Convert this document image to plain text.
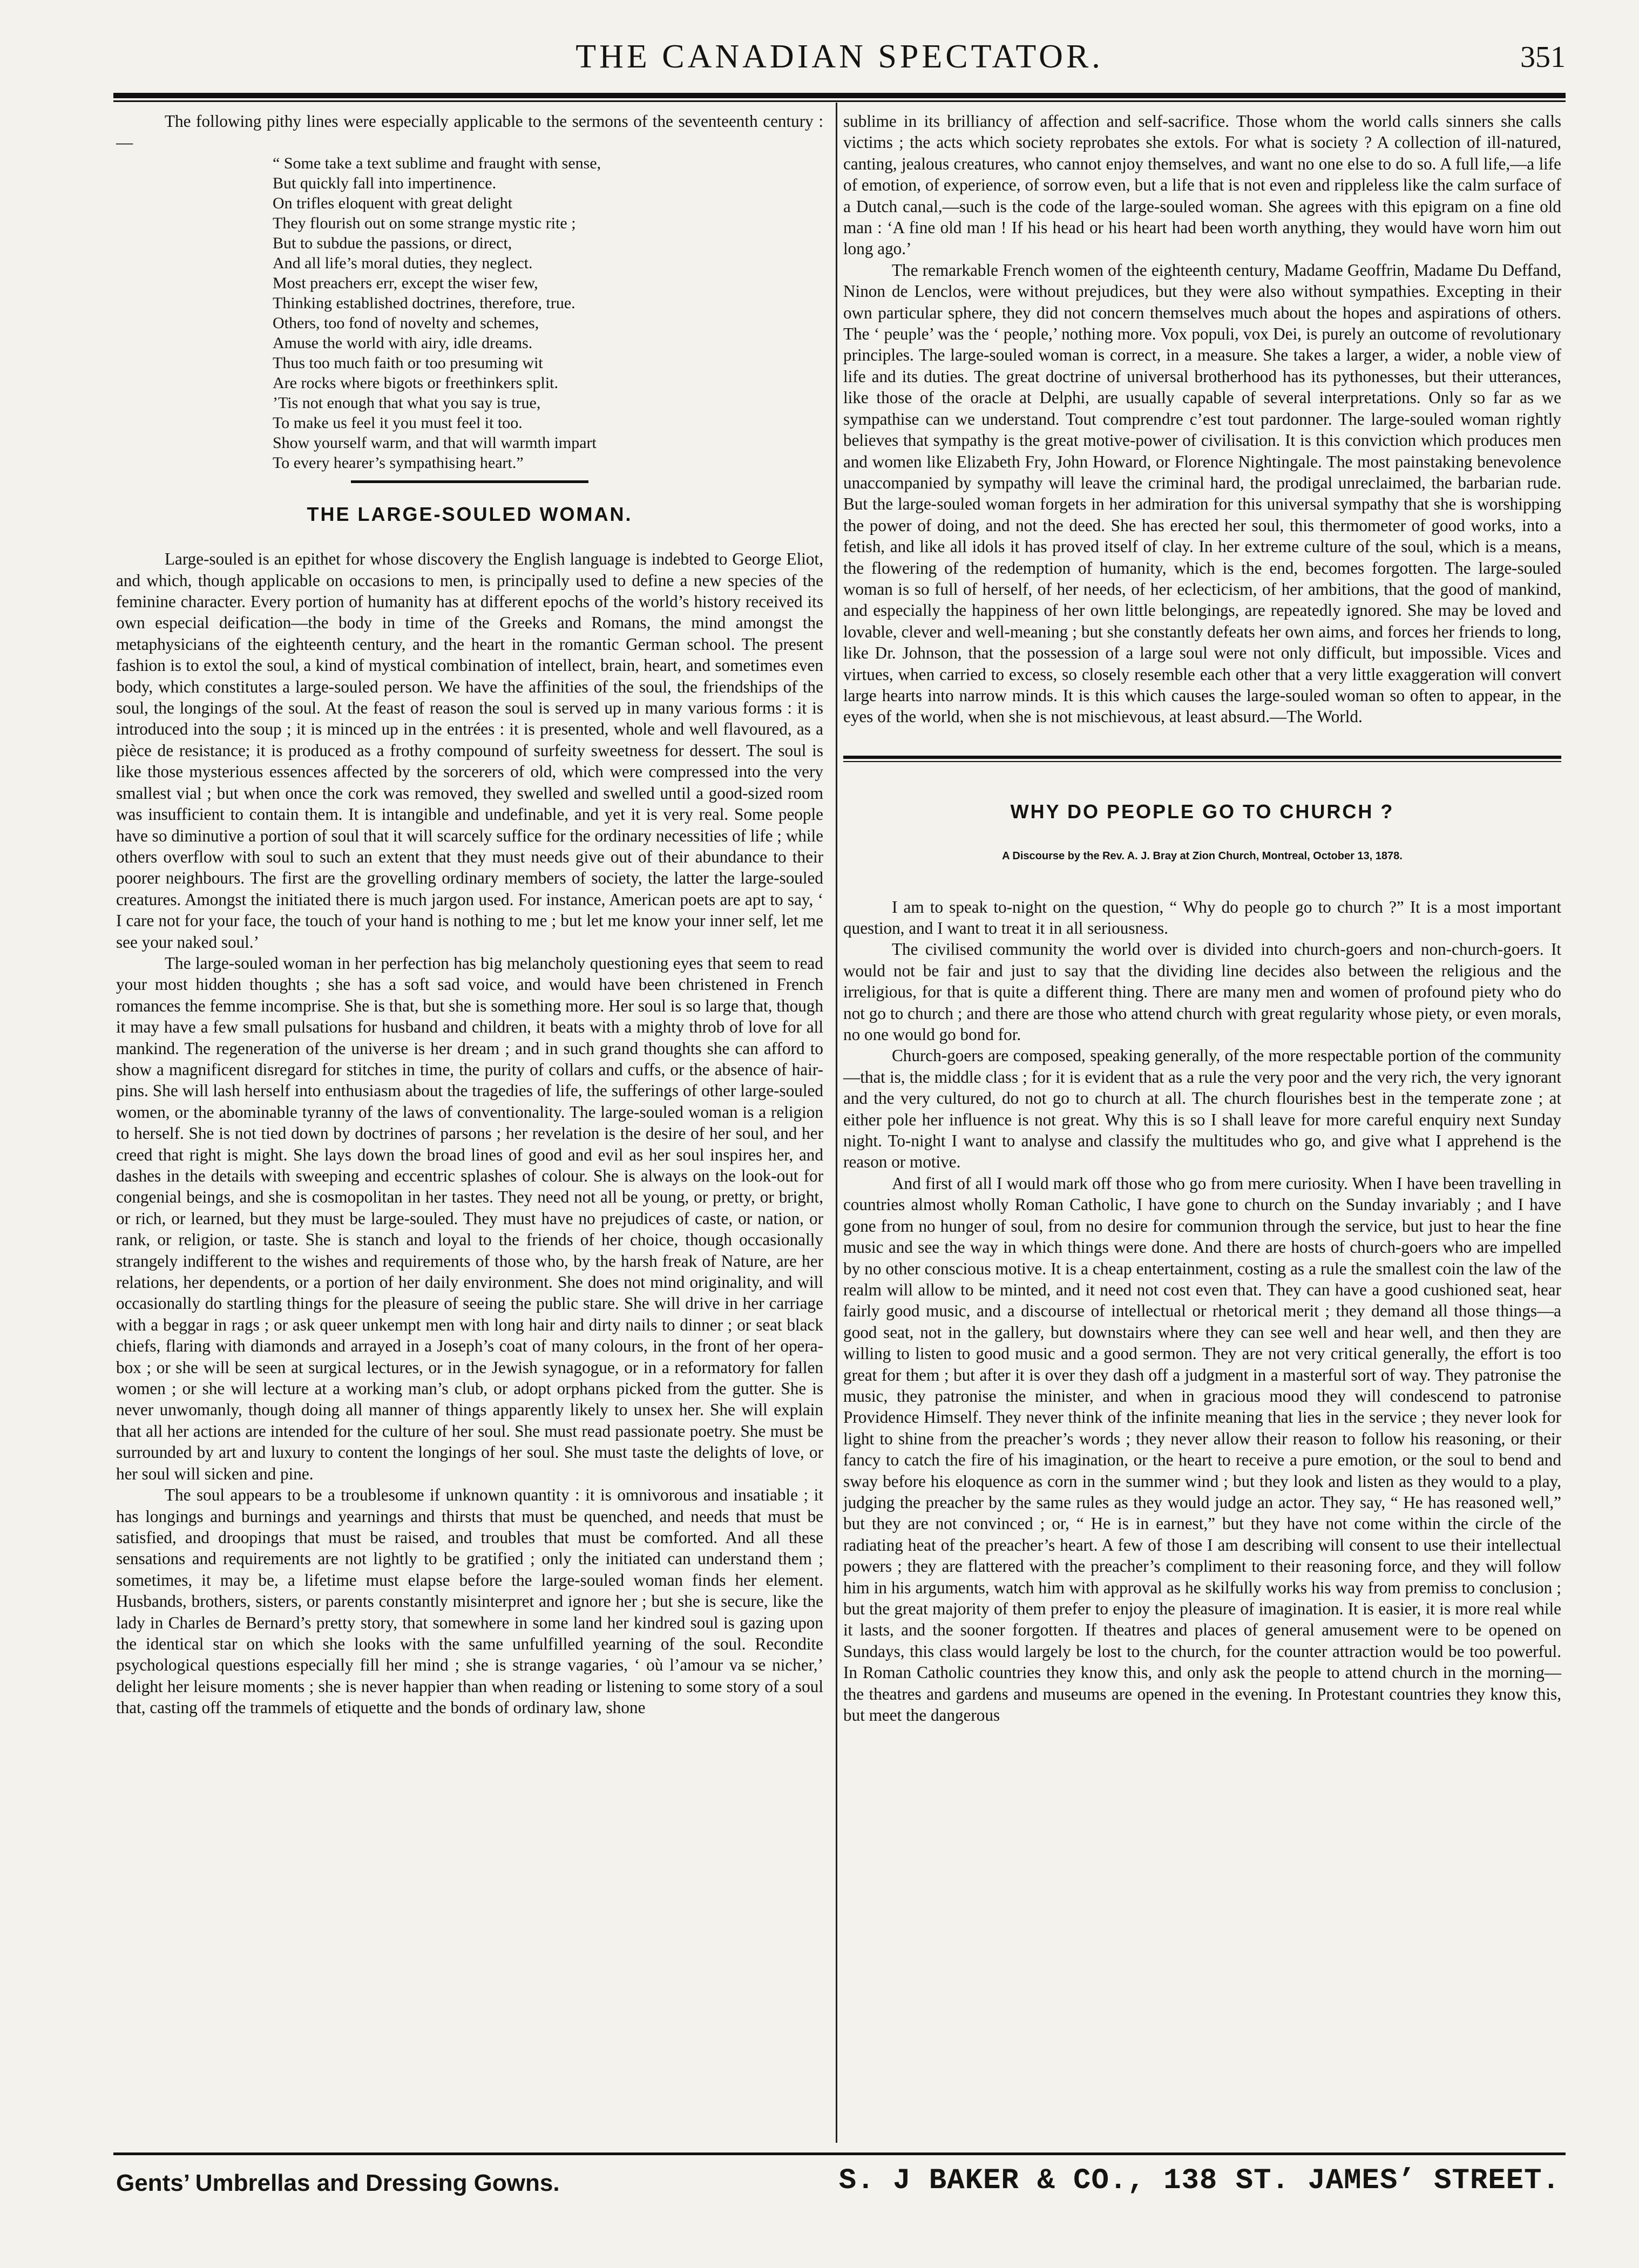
THE CANADIAN SPECTATOR.	351

The following pithy lines were especially applicable to the sermons of the seventeenth century :—

“ Some take a text sublime and fraught with sense,
But quickly fall into impertinence.
On trifles eloquent with great delight
They flourish out on some strange mystic rite ;
But to subdue the passions, or direct,
And all life’s moral duties, they neglect.
Most preachers err, except the wiser few,
Thinking established doctrines, therefore, true.
Others, too fond of novelty and schemes,
Amuse the world with airy, idle dreams.
Thus too much faith or too presuming wit
Are rocks where bigots or freethinkers split.
’Tis not enough that what you say is true,
To make us feel it you must feel it too.
Show yourself warm, and that will warmth impart
To every hearer’s sympathising heart.”
THE LARGE-SOULED WOMAN.

Large-souled is an epithet for whose discovery the English language is indebted to George Eliot, and which, though applicable on occasions to men, is principally used to define a new species of the feminine character. Every portion of humanity has at different epochs of the world’s history received its own especial deification—the body in time of the Greeks and Romans, the mind amongst the metaphysicians of the eighteenth century, and the heart in the romantic German school. The present fashion is to extol the soul, a kind of mystical combination of intellect, brain, heart, and sometimes even body, which constitutes a large-souled person. We have the affinities of the soul, the friendships of the soul, the longings of the soul. At the feast of reason the soul is served up in many various forms : it is introduced into the soup ; it is minced up in the entrées : it is presented, whole and well flavoured, as a pièce de resistance; it is produced as a frothy compound of surfeity sweetness for dessert. The soul is like those mysterious essences affected by the sorcerers of old, which were compressed into the very smallest vial ; but when once the cork was removed, they swelled and swelled until a good-sized room was insufficient to contain them. It is intangible and undefinable, and yet it is very real. Some people have so diminutive a portion of soul that it will scarcely suffice for the ordinary necessities of life ; while others overflow with soul to such an extent that they must needs give out of their abundance to their poorer neighbours. The first are the grovelling ordinary members of society, the latter the large-souled creatures. Amongst the initiated there is much jargon used. For instance, American poets are apt to say, ‘ I care not for your face, the touch of your hand is nothing to me ; but let me know your inner self, let me see your naked soul.’

The large-souled woman in her perfection has big melancholy questioning eyes that seem to read your most hidden thoughts ; she has a soft sad voice, and would have been christened in French romances the femme incomprise. She is that, but she is something more. Her soul is so large that, though it may have a few small pulsations for husband and children, it beats with a mighty throb of love for all mankind. The regeneration of the universe is her dream ; and in such grand thoughts she can afford to show a magnificent disregard for stitches in time, the purity of collars and cuffs, or the absence of hair-pins. She will lash herself into enthusiasm about the tragedies of life, the sufferings of other large-souled women, or the abominable tyranny of the laws of conventionality. The large-souled woman is a religion to herself. She is not tied down by doctrines of parsons ; her revelation is the desire of her soul, and her creed that right is might. She lays down the broad lines of good and evil as her soul inspires her, and dashes in the details with sweeping and eccentric splashes of colour. She is always on the look-out for congenial beings, and she is cosmopolitan in her tastes. They need not all be young, or pretty, or bright, or rich, or learned, but they must be large-souled. They must have no prejudices of caste, or nation, or rank, or religion, or taste. She is stanch and loyal to the friends of her choice, though occasionally strangely indifferent to the wishes and requirements of those who, by the harsh freak of Nature, are her relations, her dependents, or a portion of her daily environment. She does not mind originality, and will occasionally do startling things for the pleasure of seeing the public stare. She will drive in her carriage with a beggar in rags ; or ask queer unkempt men with long hair and dirty nails to dinner ; or seat black chiefs, flaring with diamonds and arrayed in a Joseph’s coat of many colours, in the front of her opera-box ; or she will be seen at surgical lectures, or in the Jewish synagogue, or in a reformatory for fallen women ; or she will lecture at a working man’s club, or adopt orphans picked from the gutter. She is never unwomanly, though doing all manner of things apparently likely to unsex her. She will explain that all her actions are intended for the culture of her soul. She must read passionate poetry. She must be surrounded by art and luxury to content the longings of her soul. She must taste the delights of love, or her soul will sicken and pine.

The soul appears to be a troublesome if unknown quantity : it is omnivorous and insatiable ; it has longings and burnings and yearnings and thirsts that must be quenched, and needs that must be satisfied, and droopings that must be raised, and troubles that must be comforted. And all these sensations and requirements are not lightly to be gratified ; only the initiated can understand them ; sometimes, it may be, a lifetime must elapse before the large-souled woman finds her element. Husbands, brothers, sisters, or parents constantly misinterpret and ignore her ; but she is secure, like the lady in Charles de Bernard’s pretty story, that somewhere in some land her kindred soul is gazing upon the identical star on which she looks with the same unfulfilled yearning of the soul. Recondite psychological questions especially fill her mind ; she is strange vagaries, ‘ où l’amour va se nicher,’ delight her leisure moments ; she is never happier than when reading or listening to some story of a soul that, casting off the trammels of etiquette and the bonds of ordinary law, shone

sublime in its brilliancy of affection and self-sacrifice. Those whom the world calls sinners she calls victims ; the acts which society reprobates she extols. For what is society ? A collection of ill-natured, canting, jealous creatures, who cannot enjoy themselves, and want no one else to do so. A full life,—a life of emotion, of experience, of sorrow even, but a life that is not even and rippleless like the calm surface of a Dutch canal,—such is the code of the large-souled woman. She agrees with this epigram on a fine old man : ‘A fine old man ! If his head or his heart had been worth anything, they would have worn him out long ago.’

The remarkable French women of the eighteenth century, Madame Geoffrin, Madame Du Deffand, Ninon de Lenclos, were without prejudices, but they were also without sympathies. Excepting in their own particular sphere, they did not concern themselves much about the hopes and aspirations of others. The ‘ peuple’ was the ‘ people,’ nothing more. Vox populi, vox Dei, is purely an outcome of revolutionary principles. The large-souled woman is correct, in a measure. She takes a larger, a wider, a noble view of life and its duties. The great doctrine of universal brotherhood has its pythonesses, but their utterances, like those of the oracle at Delphi, are usually capable of several interpretations. Only so far as we sympathise can we understand. Tout comprendre c’est tout pardonner. The large-souled woman rightly believes that sympathy is the great motive-power of civilisation. It is this conviction which produces men and women like Elizabeth Fry, John Howard, or Florence Nightingale. The most painstaking benevolence unaccompanied by sympathy will leave the criminal hard, the prodigal unreclaimed, the barbarian rude. But the large-souled woman forgets in her admiration for this universal sympathy that she is worshipping the power of doing, and not the deed. She has erected her soul, this thermometer of good works, into a fetish, and like all idols it has proved itself of clay. In her extreme culture of the soul, which is a means, the flowering of the redemption of humanity, which is the end, becomes forgotten. The large-souled woman is so full of herself, of her needs, of her eclecticism, of her ambitions, that the good of mankind, and especially the happiness of her own little belongings, are repeatedly ignored. She may be loved and lovable, clever and well-meaning ; but she constantly defeats her own aims, and forces her friends to long, like Dr. Johnson, that the possession of a large soul were not only difficult, but impossible. Vices and virtues, when carried to excess, so closely resemble each other that a very little exaggeration will convert large hearts into narrow minds. It is this which causes the large-souled woman so often to appear, in the eyes of the world, when she is not mischievous, at least absurd.—The World.

WHY DO PEOPLE GO TO CHURCH ?
A Discourse by the Rev. A. J. Bray at Zion Church, Montreal, October 13, 1878.

I am to speak to-night on the question, “ Why do people go to church ?” It is a most important question, and I want to treat it in all seriousness.

The civilised community the world over is divided into church-goers and non-church-goers. It would not be fair and just to say that the dividing line decides also between the religious and the irreligious, for that is quite a different thing. There are many men and women of profound piety who do not go to church ; and there are those who attend church with great regularity whose piety, or even morals, no one would go bond for.

Church-goers are composed, speaking generally, of the more respectable portion of the community—that is, the middle class ; for it is evident that as a rule the very poor and the very rich, the very ignorant and the very cultured, do not go to church at all. The church flourishes best in the temperate zone ; at either pole her influence is not great. Why this is so I shall leave for more careful enquiry next Sunday night. To-night I want to analyse and classify the multitudes who go, and give what I apprehend is the reason or motive.

And first of all I would mark off those who go from mere curiosity. When I have been travelling in countries almost wholly Roman Catholic, I have gone to church on the Sunday invariably ; and I have gone from no hunger of soul, from no desire for communion through the service, but just to hear the fine music and see the way in which things were done. And there are hosts of church-goers who are impelled by no other conscious motive. It is a cheap entertainment, costing as a rule the smallest coin the law of the realm will allow to be minted, and it need not cost even that. They can have a good cushioned seat, hear fairly good music, and a discourse of intellectual or rhetorical merit ; they demand all those things—a good seat, not in the gallery, but downstairs where they can see well and hear well, and then they are willing to listen to good music and a good sermon. They are not very critical generally, the effort is too great for them ; but after it is over they dash off a judgment in a masterful sort of way. They patronise the music, they patronise the minister, and when in gracious mood they will condescend to patronise Providence Himself. They never think of the infinite meaning that lies in the service ; they never look for light to shine from the preacher’s words ; they never allow their reason to follow his reasoning, or their fancy to catch the fire of his imagination, or the heart to receive a pure emotion, or the soul to bend and sway before his eloquence as corn in the summer wind ; but they look and listen as they would to a play, judging the preacher by the same rules as they would judge an actor. They say, “ He has reasoned well,” but they are not convinced ; or, “ He is in earnest,” but they have not come within the circle of the radiating heat of the preacher’s heart. A few of those I am describing will consent to use their intellectual powers ; they are flattered with the preacher’s compliment to their reasoning force, and they will follow him in his arguments, watch him with approval as he skilfully works his way from premiss to conclusion ; but the great majority of them prefer to enjoy the pleasure of imagination. It is easier, it is more real while it lasts, and the sooner forgotten. If theatres and places of general amusement were to be opened on Sundays, this class would largely be lost to the church, for the counter attraction would be too powerful. In Roman Catholic countries they know this, and only ask the people to attend church in the morning—the theatres and gardens and museums are opened in the evening. In Protestant countries they know this, but meet the dangerous

Gents’ Umbrellas and Dressing Gowns.	S. J BAKER & CO., 138 ST. JAMES’ STREET.
